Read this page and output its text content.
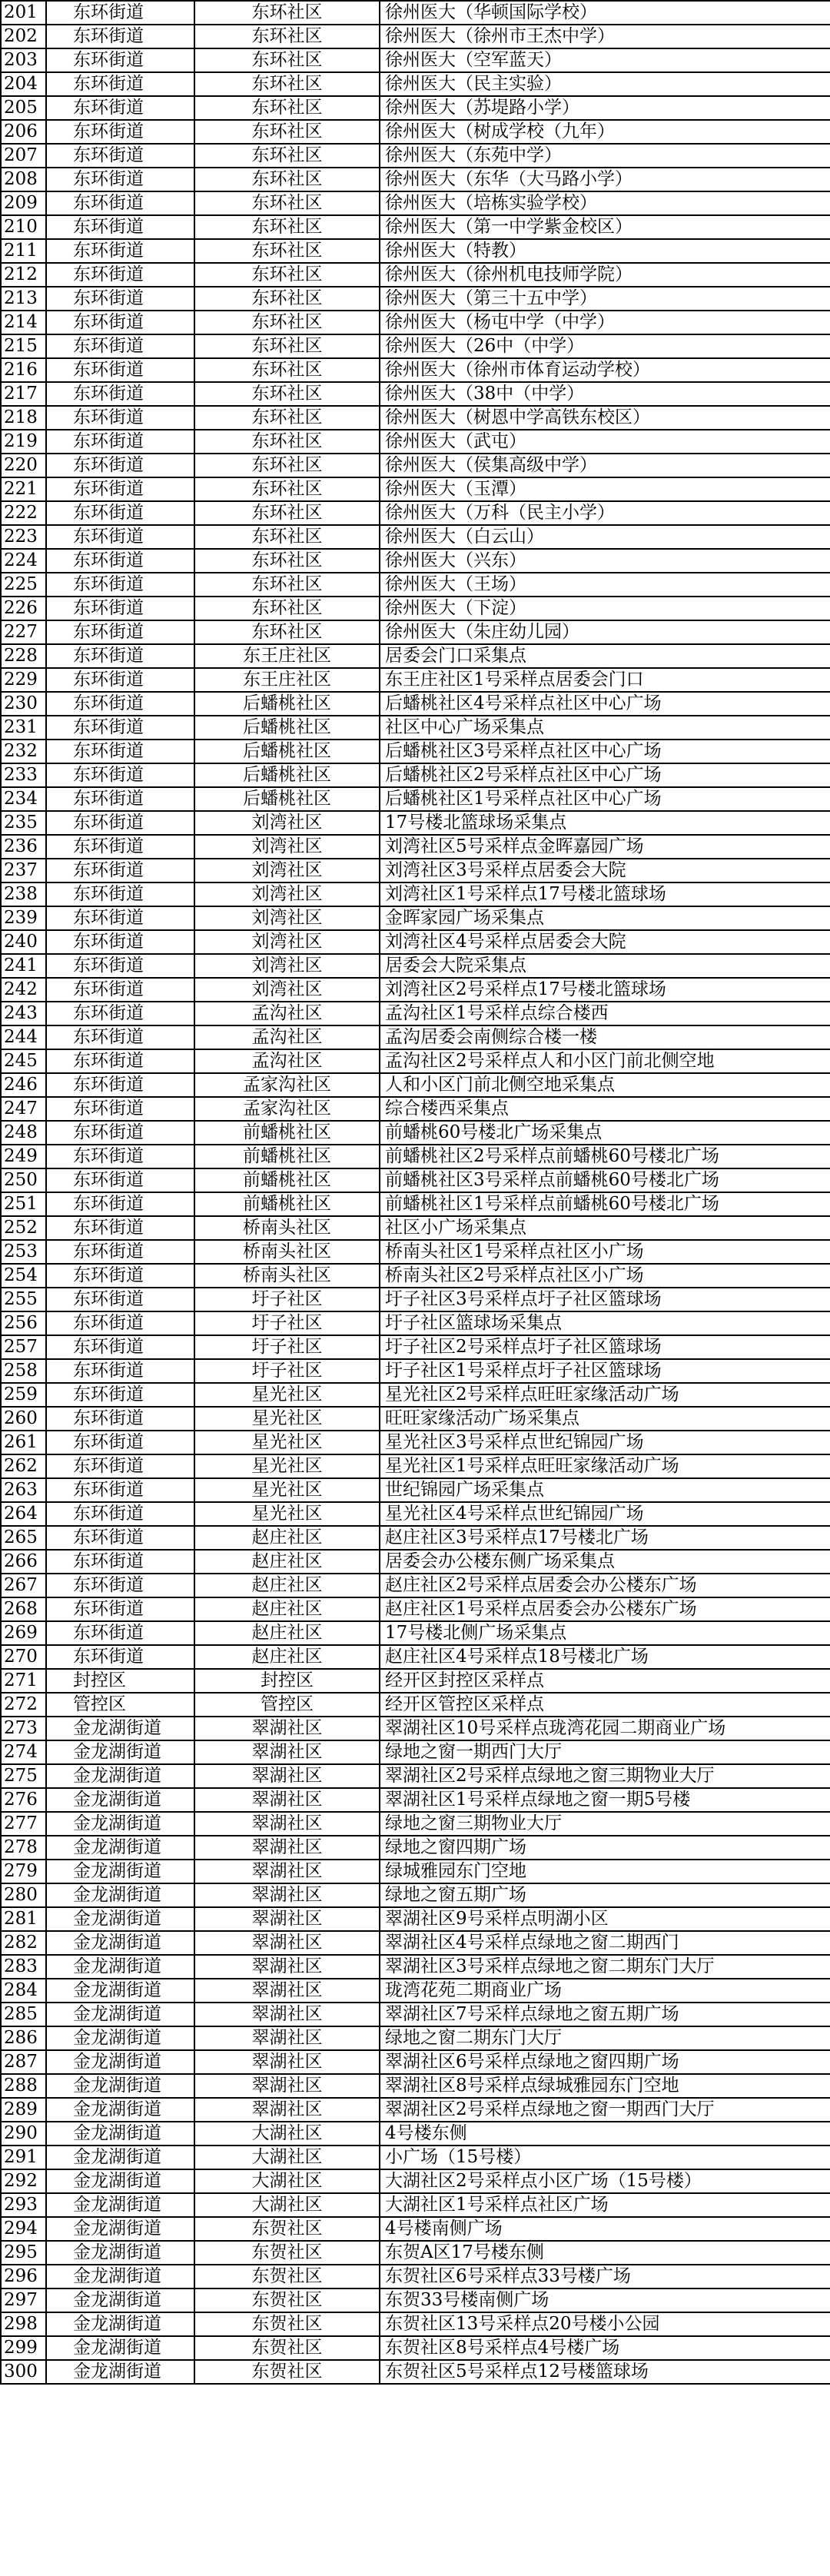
201	东环街道	东环社区	徐州医大（华顿国际学校）
202	东环街道	东环社区	徐州医大（徐州市王杰中学）
203	东环街道	东环社区	徐州医大（空军蓝天）
204	东环街道	东环社区	徐州医大（民主实验）
205	东环街道	东环社区	徐州医大（苏堤路小学）
206	东环街道	东环社区	徐州医大（树成学校（九年）
207	东环街道	东环社区	徐州医大（东苑中学）
208	东环街道	东环社区	徐州医大（东华（大马路小学）
209	东环街道	东环社区	徐州医大（培栋实验学校）
210	东环街道	东环社区	徐州医大（第一中学紫金校区）
211	东环街道	东环社区	徐州医大（特教）
212	东环街道	东环社区	徐州医大（徐州机电技师学院）
213	东环街道	东环社区	徐州医大（第三十五中学）
214	东环街道	东环社区	徐州医大（杨屯中学（中学）
215	东环街道	东环社区	徐州医大（26中（中学）
216	东环街道	东环社区	徐州医大（徐州市体育运动学校）
217	东环街道	东环社区	徐州医大（38中（中学）
218	东环街道	东环社区	徐州医大（树恩中学高铁东校区）
219	东环街道	东环社区	徐州医大（武屯）
220	东环街道	东环社区	徐州医大（侯集高级中学）
221	东环街道	东环社区	徐州医大（玉潭）
222	东环街道	东环社区	徐州医大（万科（民主小学）
223	东环街道	东环社区	徐州医大（白云山）
224	东环街道	东环社区	徐州医大（兴东）
225	东环街道	东环社区	徐州医大（王场）
226	东环街道	东环社区	徐州医大（下淀）
227	东环街道	东环社区	徐州医大（朱庄幼儿园）
228	东环街道	东王庄社区	居委会门口采集点
229	东环街道	东王庄社区	东王庄社区1号采样点居委会门口
230	东环街道	后蟠桃社区	后蟠桃社区4号采样点社区中心广场
231	东环街道	后蟠桃社区	社区中心广场采集点
232	东环街道	后蟠桃社区	后蟠桃社区3号采样点社区中心广场
233	东环街道	后蟠桃社区	后蟠桃社区2号采样点社区中心广场
234	东环街道	后蟠桃社区	后蟠桃社区1号采样点社区中心广场
235	东环街道	刘湾社区	17号楼北篮球场采集点
236	东环街道	刘湾社区	刘湾社区5号采样点金晖嘉园广场
237	东环街道	刘湾社区	刘湾社区3号采样点居委会大院
238	东环街道	刘湾社区	刘湾社区1号采样点17号楼北篮球场
239	东环街道	刘湾社区	金晖家园广场采集点
240	东环街道	刘湾社区	刘湾社区4号采样点居委会大院
241	东环街道	刘湾社区	居委会大院采集点
242	东环街道	刘湾社区	刘湾社区2号采样点17号楼北篮球场
243	东环街道	孟沟社区	孟沟社区1号采样点综合楼西
244	东环街道	孟沟社区	孟沟居委会南侧综合楼一楼
245	东环街道	孟沟社区	孟沟社区2号采样点人和小区门前北侧空地
246	东环街道	孟家沟社区	人和小区门前北侧空地采集点
247	东环街道	孟家沟社区	综合楼西采集点
248	东环街道	前蟠桃社区	前蟠桃60号楼北广场采集点
249	东环街道	前蟠桃社区	前蟠桃社区2号采样点前蟠桃60号楼北广场
250	东环街道	前蟠桃社区	前蟠桃社区3号采样点前蟠桃60号楼北广场
251	东环街道	前蟠桃社区	前蟠桃社区1号采样点前蟠桃60号楼北广场
252	东环街道	桥南头社区	社区小广场采集点
253	东环街道	桥南头社区	桥南头社区1号采样点社区小广场
254	东环街道	桥南头社区	桥南头社区2号采样点社区小广场
255	东环街道	圩子社区	圩子社区3号采样点圩子社区篮球场
256	东环街道	圩子社区	圩子社区篮球场采集点
257	东环街道	圩子社区	圩子社区2号采样点圩子社区篮球场
258	东环街道	圩子社区	圩子社区1号采样点圩子社区篮球场
259	东环街道	星光社区	星光社区2号采样点旺旺家缘活动广场
260	东环街道	星光社区	旺旺家缘活动广场采集点
261	东环街道	星光社区	星光社区3号采样点世纪锦园广场
262	东环街道	星光社区	星光社区1号采样点旺旺家缘活动广场
263	东环街道	星光社区	世纪锦园广场采集点
264	东环街道	星光社区	星光社区4号采样点世纪锦园广场
265	东环街道	赵庄社区	赵庄社区3号采样点17号楼北广场
266	东环街道	赵庄社区	居委会办公楼东侧广场采集点
267	东环街道	赵庄社区	赵庄社区2号采样点居委会办公楼东广场
268	东环街道	赵庄社区	赵庄社区1号采样点居委会办公楼东广场
269	东环街道	赵庄社区	17号楼北侧广场采集点
270	东环街道	赵庄社区	赵庄社区4号采样点18号楼北广场
271	封控区	封控区	经开区封控区采样点
272	管控区	管控区	经开区管控区采样点
273	金龙湖街道	翠湖社区	翠湖社区10号采样点珑湾花园二期商业广场
274	金龙湖街道	翠湖社区	绿地之窗一期西门大厅
275	金龙湖街道	翠湖社区	翠湖社区2号采样点绿地之窗三期物业大厅
276	金龙湖街道	翠湖社区	翠湖社区1号采样点绿地之窗一期5号楼
277	金龙湖街道	翠湖社区	绿地之窗三期物业大厅
278	金龙湖街道	翠湖社区	绿地之窗四期广场
279	金龙湖街道	翠湖社区	绿城雅园东门空地
280	金龙湖街道	翠湖社区	绿地之窗五期广场
281	金龙湖街道	翠湖社区	翠湖社区9号采样点明湖小区
282	金龙湖街道	翠湖社区	翠湖社区4号采样点绿地之窗二期西门
283	金龙湖街道	翠湖社区	翠湖社区3号采样点绿地之窗二期东门大厅
284	金龙湖街道	翠湖社区	珑湾花苑二期商业广场
285	金龙湖街道	翠湖社区	翠湖社区7号采样点绿地之窗五期广场
286	金龙湖街道	翠湖社区	绿地之窗二期东门大厅
287	金龙湖街道	翠湖社区	翠湖社区6号采样点绿地之窗四期广场
288	金龙湖街道	翠湖社区	翠湖社区8号采样点绿城雅园东门空地
289	金龙湖街道	翠湖社区	翠湖社区2号采样点绿地之窗一期西门大厅
290	金龙湖街道	大湖社区	4号楼东侧
291	金龙湖街道	大湖社区	小广场（15号楼）
292	金龙湖街道	大湖社区	大湖社区2号采样点小区广场（15号楼）
293	金龙湖街道	大湖社区	大湖社区1号采样点社区广场
294	金龙湖街道	东贺社区	4号楼南侧广场
295	金龙湖街道	东贺社区	东贺A区17号楼东侧
296	金龙湖街道	东贺社区	东贺社区6号采样点33号楼广场
297	金龙湖街道	东贺社区	东贺33号楼南侧广场
298	金龙湖街道	东贺社区	东贺社区13号采样点20号楼小公园
299	金龙湖街道	东贺社区	东贺社区8号采样点4号楼广场
300	金龙湖街道	东贺社区	东贺社区5号采样点12号楼篮球场
